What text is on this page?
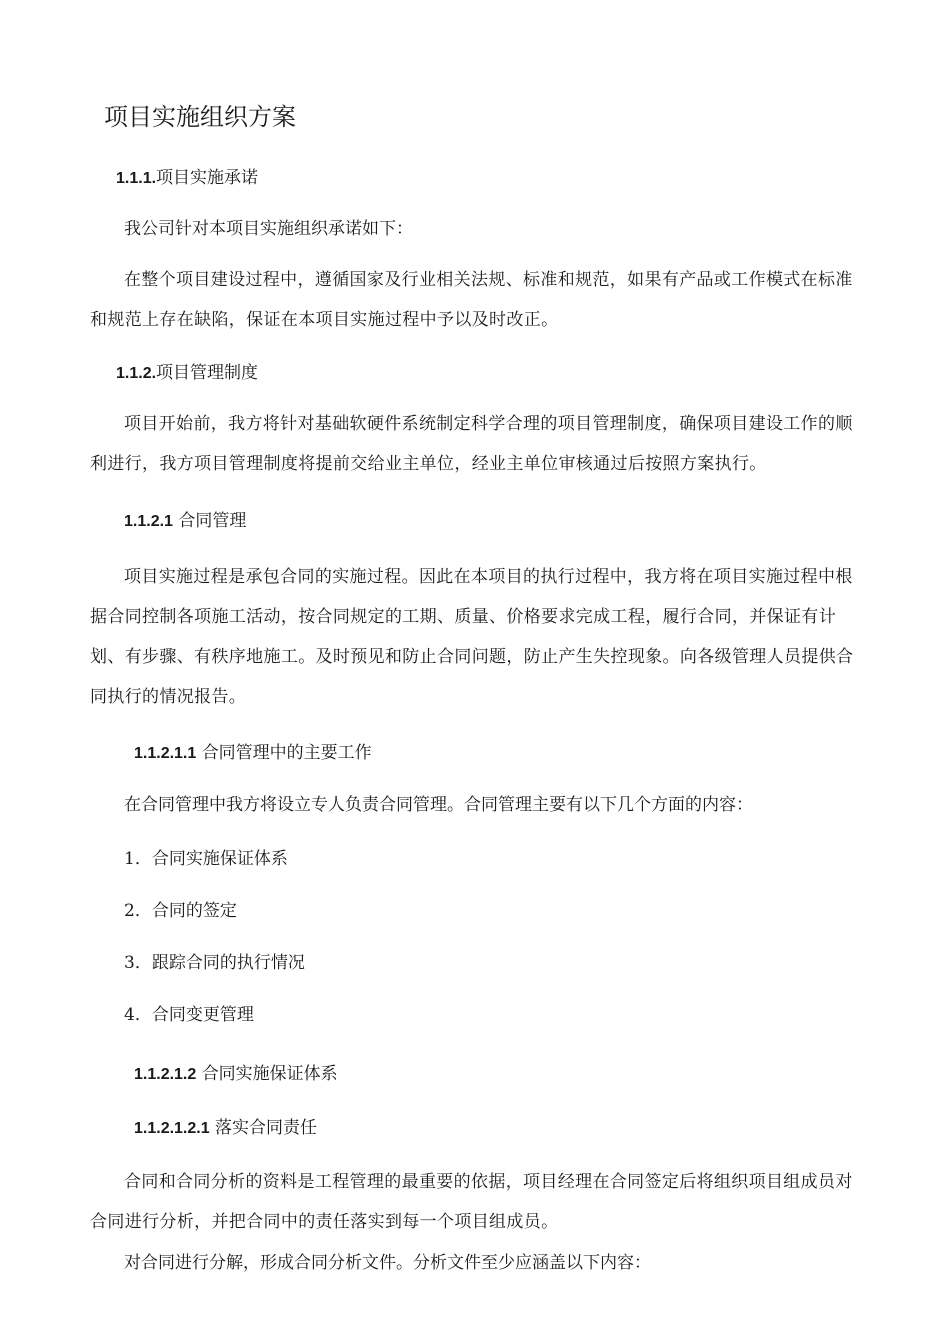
项目实施组织方案
1.1.1.项目实施承诺

我公司针对本项目实施组织承诺如下：

在整个项目建设过程中，遵循国家及行业相关法规、标准和规范，如果有产品或工作模式在标准和规范上存在缺陷，保证在本项目实施过程中予以及时改正。

1.1.2.项目管理制度

项目开始前，我方将针对基础软硬件系统制定科学合理的项目管理制度，确保项目建设工作的顺利进行，我方项目管理制度将提前交给业主单位，经业主单位审核通过后按照方案执行。

1.1.2.1 合同管理

项目实施过程是承包合同的实施过程。因此在本项目的执行过程中，我方将在项目实施过程中根据合同控制各项施工活动，按合同规定的工期、质量、价格要求完成工程，履行合同，并保证有计划、有步骤、有秩序地施工。及时预见和防止合同问题，防止产生失控现象。向各级管理人员提供合同执行的情况报告。

1.1.2.1.1 合同管理中的主要工作

在合同管理中我方将设立专人负责合同管理。合同管理主要有以下几个方面的内容：

1．合同实施保证体系
2．合同的签定
3．跟踪合同的执行情况
4．合同变更管理
1.1.2.1.2 合同实施保证体系
1.1.2.1.2.1 落实合同责任

合同和合同分析的资料是工程管理的最重要的依据，项目经理在合同签定后将组织项目组成员对合同进行分析，并把合同中的责任落实到每一个项目组成员。

对合同进行分解，形成合同分析文件。分析文件至少应涵盖以下内容：
